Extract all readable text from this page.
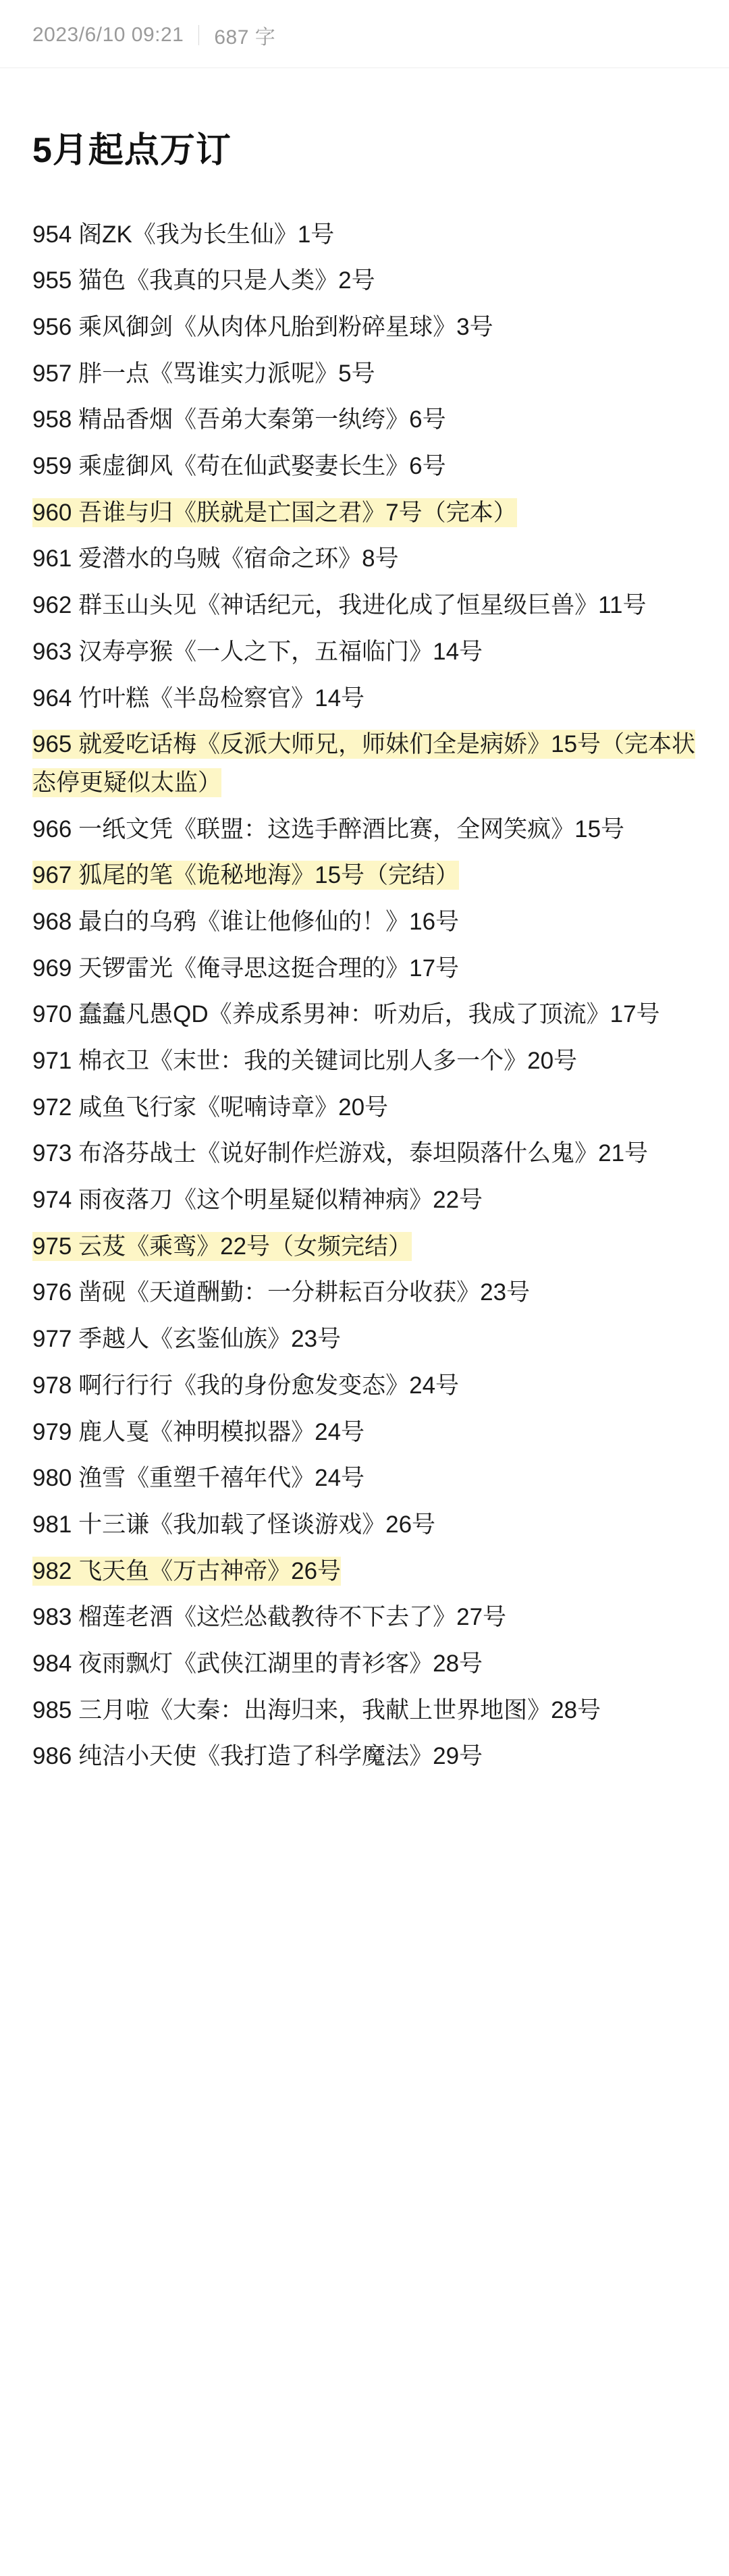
2023/6/10 09:21 687 字
5月起点万订

954 阁ZK《我为长生仙》1号

955 猫色《我真的只是人类》2号

956 乘风御剑《从肉体凡胎到粉碎星球》3号

957 胖一点《骂谁实力派呢》5号

958 精品香烟《吾弟大秦第一纨绔》6号

959 乘虚御风《苟在仙武娶妻长生》6号

960 吾谁与归《朕就是亡国之君》7号（完本）

961 爱潜水的乌贼《宿命之环》8号

962 群玉山头见《神话纪元，我进化成了恒星级巨兽》11号

963 汉寿亭猴《一人之下，五福临门》14号

964 竹叶糕《半岛检察官》14号

965 就爱吃话梅《反派大师兄，师妹们全是病娇》15号（完本状态停更疑似太监）

966 一纸文凭《联盟：这选手醉酒比赛，全网笑疯》15号

967 狐尾的笔《诡秘地海》15号（完结）

968 最白的乌鸦《谁让他修仙的！》16号

969 天锣雷光《俺寻思这挺合理的》17号

970 蠢蠢凡愚QD《养成系男神：听劝后，我成了顶流》17号

971 棉衣卫《末世：我的关键词比别人多一个》20号

972 咸鱼飞行家《呢喃诗章》20号

973 布洛芬战士《说好制作烂游戏，泰坦陨落什么鬼》21号

974 雨夜落刀《这个明星疑似精神病》22号

975 云芨《乘鸾》22号（女频完结）

976 凿砚《天道酬勤：一分耕耘百分收获》23号

977 季越人《玄鉴仙族》23号

978 啊行行行《我的身份愈发变态》24号

979 鹿人戛《神明模拟器》24号

980 渔雪《重塑千禧年代》24号

981 十三谦《我加载了怪谈游戏》26号

982 飞天鱼《万古神帝》26号

983 榴莲老酒《这烂怂截教待不下去了》27号

984 夜雨飘灯《武侠江湖里的青衫客》28号

985 三月啦《大秦：出海归来，我献上世界地图》28号

986 纯洁小天使《我打造了科学魔法》29号
